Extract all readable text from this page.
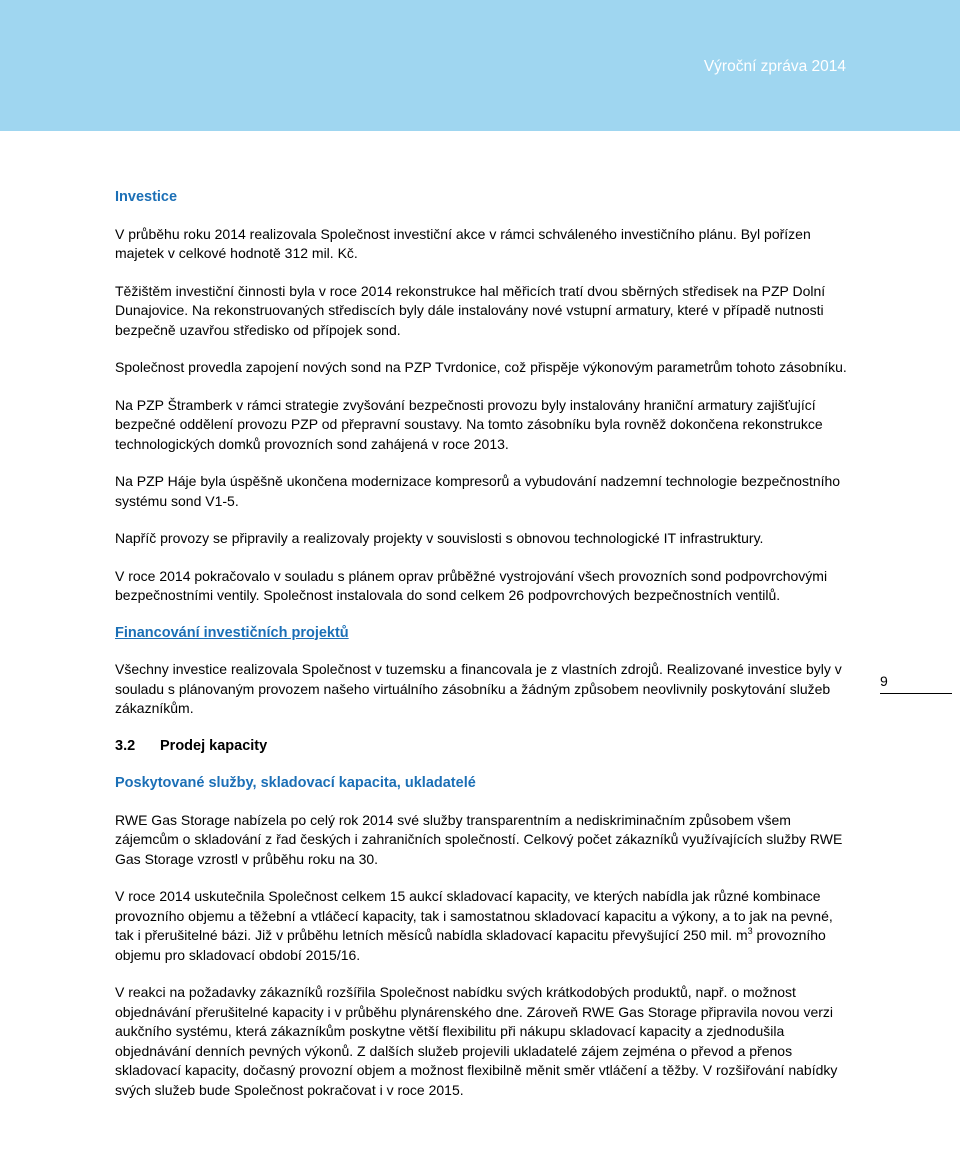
Výroční zpráva 2014
Investice

V průběhu roku 2014 realizovala Společnost investiční akce v rámci schváleného investičního plánu. Byl pořízen majetek v celkové hodnotě 312 mil. Kč.

Těžištěm investiční činnosti byla v roce 2014 rekonstrukce hal měřicích tratí dvou sběrných středisek na PZP Dolní Dunajovice. Na rekonstruovaných střediscích byly dále instalovány nové vstupní armatury, které v případě nutnosti bezpečně uzavřou středisko od přípojek sond.

Společnost provedla zapojení nových sond na PZP Tvrdonice, což přispěje výkonovým parametrům tohoto zásobníku.

Na PZP Štramberk v rámci strategie zvyšování bezpečnosti provozu byly instalovány hraniční armatury zajišťující bezpečné oddělení provozu PZP od přepravní soustavy. Na tomto zásobníku byla rovněž dokončena rekonstrukce technologických domků provozních sond zahájená v roce 2013.

Na PZP Háje byla úspěšně ukončena modernizace kompresorů a vybudování nadzemní technologie bezpečnostního systému sond V1-5.

Napříč provozy se připravily a realizovaly projekty v souvislosti s obnovou technologické IT infrastruktury.

V roce 2014 pokračovalo v souladu s plánem oprav průběžné vystrojování všech provozních sond podpovrchovými bezpečnostními ventily. Společnost instalovala do sond celkem 26 podpovrchových bezpečnostních ventilů.

Financování investičních projektů

Všechny investice realizovala Společnost v tuzemsku a financovala je z vlastních zdrojů. Realizované investice byly v souladu s plánovaným provozem našeho virtuálního zásobníku a žádným způsobem neovlivnily poskytování služeb zákazníkům.

3.2	Prodej kapacity
Poskytované služby, skladovací kapacita, ukladatelé

RWE Gas Storage nabízela po celý rok 2014 své služby transparentním a nediskriminačním způsobem všem zájemcům o skladování z řad českých i zahraničních společností. Celkový počet zákazníků využívajících služby RWE Gas Storage vzrostl v průběhu roku na 30.

V roce 2014 uskutečnila Společnost celkem 15 aukcí skladovací kapacity, ve kterých nabídla jak různé kombinace provozního objemu a těžební a vtláčecí kapacity, tak i samostatnou skladovací kapacitu a výkony, a to jak na pevné, tak i přerušitelné bázi. Již v průběhu letních měsíců nabídla skladovací kapacitu převyšující 250 mil. $m^3$ provozního objemu pro skladovací období 2015/16.

V reakci na požadavky zákazníků rozšířila Společnost nabídku svých krátkodobých produktů, např. o možnost objednávání přerušitelné kapacity i v průběhu plynárenského dne. Zároveň RWE Gas Storage připravila novou verzi aukčního systému, která zákazníkům poskytne větší flexibilitu při nákupu skladovací kapacity a zjednodušila objednávání denních pevných výkonů. Z dalších služeb projevili ukladatelé zájem zejména o převod a přenos skladovací kapacity, dočasný provozní objem a možnost flexibilně měnit směr vtláčení a těžby. V rozšiřování nabídky svých služeb bude Společnost pokračovat i v roce 2015.

9
